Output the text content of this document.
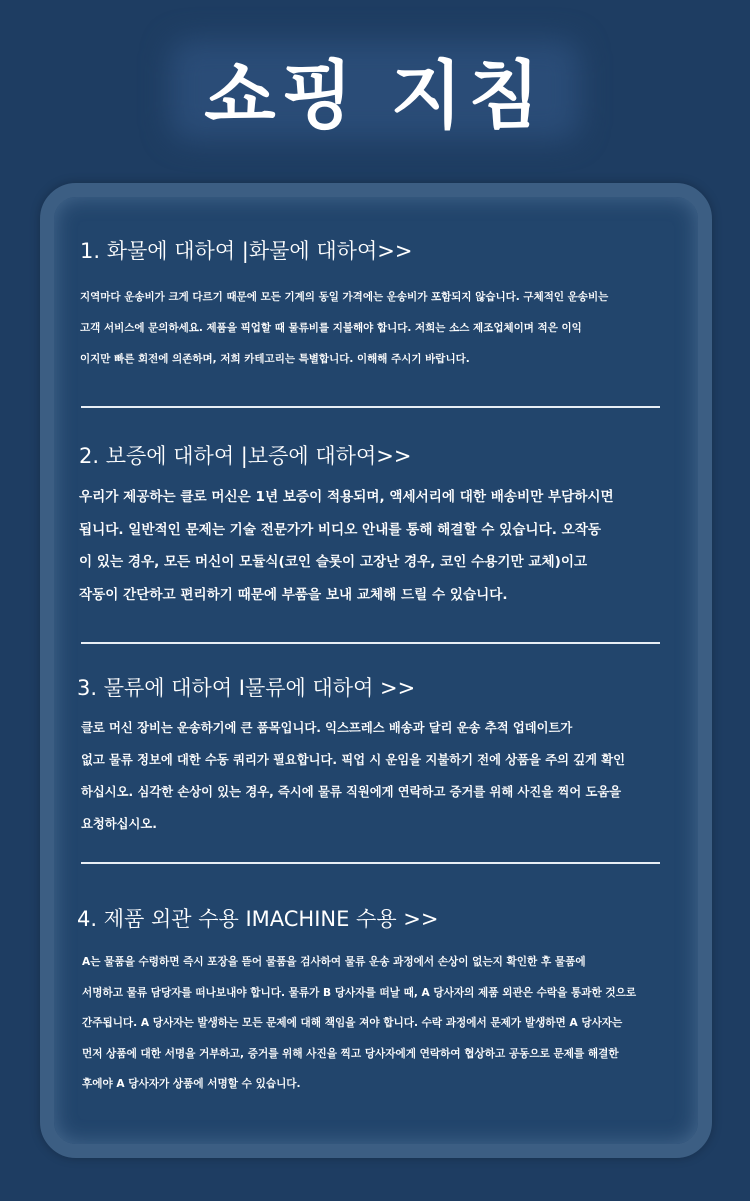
쇼핑 지침
1. 화물에 대하여 |화물에 대하여>>
지역마다 운송비가 크게 다르기 때문에 모든 기계의 동일 가격에는 운송비가 포함되지 않습니다. 구체적인 운송비는
고객 서비스에 문의하세요. 제품을 픽업할 때 물류비를 지불해야 합니다. 저희는 소스 제조업체이며 적은 이익
이지만 빠른 회전에 의존하며, 저희 카테고리는 특별합니다. 이해해 주시기 바랍니다.
2. 보증에 대하여 |보증에 대하여>>
우리가 제공하는 클로 머신은 1년 보증이 적용되며, 액세서리에 대한 배송비만 부담하시면
됩니다. 일반적인 문제는 기술 전문가가 비디오 안내를 통해 해결할 수 있습니다. 오작동
이 있는 경우, 모든 머신이 모듈식(코인 슬롯이 고장난 경우, 코인 수용기만 교체)이고
작동이 간단하고 편리하기 때문에 부품을 보내 교체해 드릴 수 있습니다.
3. 물류에 대하여 I물류에 대하여 >>
클로 머신 장비는 운송하기에 큰 품목입니다. 익스프레스 배송과 달리 운송 추적 업데이트가
없고 물류 정보에 대한 수동 쿼리가 필요합니다. 픽업 시 운임을 지불하기 전에 상품을 주의 깊게 확인
하십시오. 심각한 손상이 있는 경우, 즉시에 물류 직원에게 연락하고 증거를 위해 사진을 찍어 도움을
요청하십시오.
4. 제품 외관 수용 IMACHINE 수용 >>
A는 물품을 수령하면 즉시 포장을 뜯어 물품을 검사하여 물류 운송 과정에서 손상이 없는지 확인한 후 물품에
서명하고 물류 담당자를 떠나보내야 합니다. 물류가 B 당사자를 떠날 때, A 당사자의 제품 외관은 수락을 통과한 것으로
간주됩니다. A 당사자는 발생하는 모든 문제에 대해 책임을 져야 합니다. 수락 과정에서 문제가 발생하면 A 당사자는
먼저 상품에 대한 서명을 거부하고, 증거를 위해 사진을 찍고 당사자에게 연락하여 협상하고 공동으로 문제를 해결한
후에야 A 당사자가 상품에 서명할 수 있습니다.
